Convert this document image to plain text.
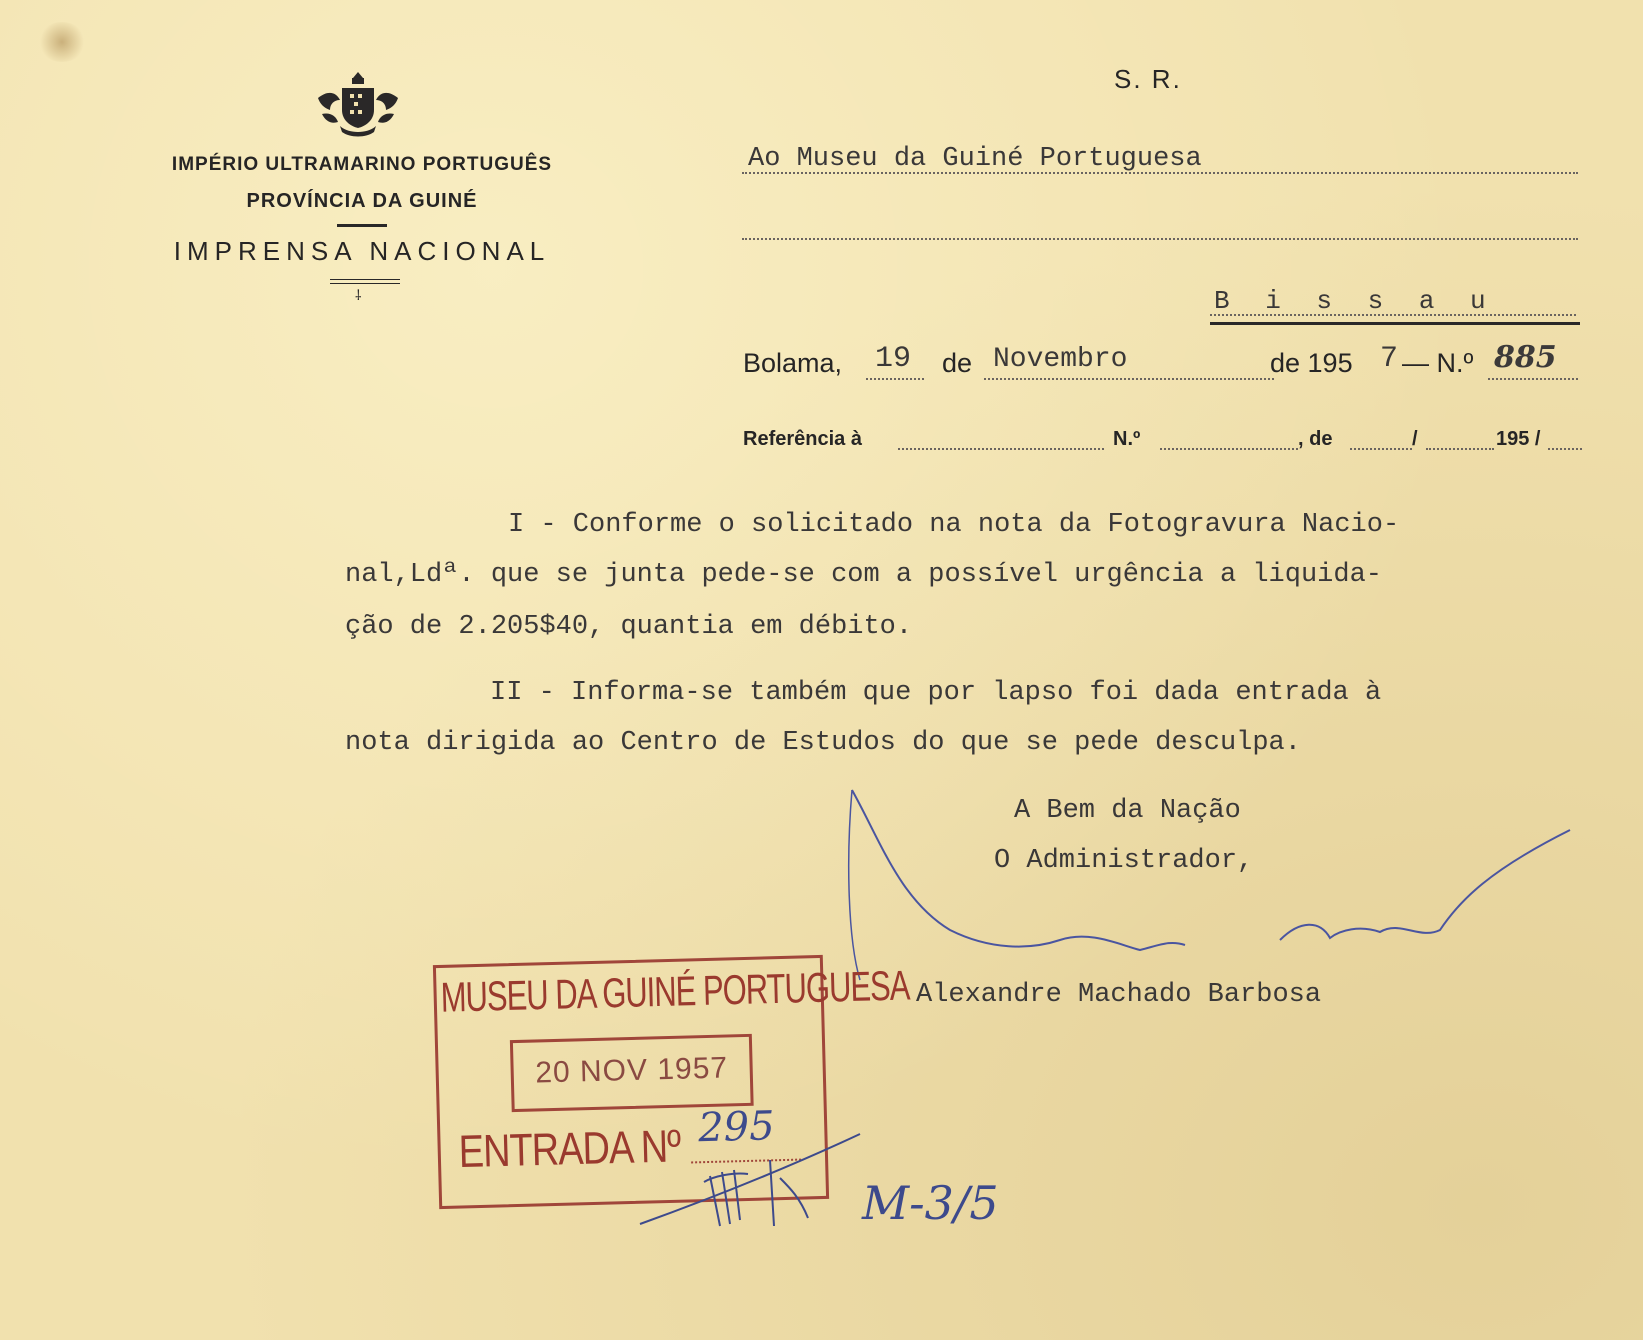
IMPÉRIO ULTRAMARINO PORTUGUÊS
PROVÍNCIA DA GUINÉ
IMPRENSA NACIONAL
⸸
S. R.
Ao Museu da Guiné Portuguesa
B i s s a u
Bolama, 19 de Novembro	de 195 7 — N.º 885
Referência à	N.º	, de	/	195 /
I - Conforme o solicitado na nota da Fotogravura Nacio-
nal,Ldª. que se junta pede-se com a possível urgência a liquida-
ção de 2.205$40, quantia em débito.
II - Informa-se também que por lapso foi dada entrada à
nota dirigida ao Centro de Estudos do que se pede desculpa.
A Bem da Nação
O Administrador,
Alexandre Machado Barbosa
MUSEU DA GUINÉ PORTUGUESA
20 NOV 1957
ENTRADA Nº 295
M-3/5
